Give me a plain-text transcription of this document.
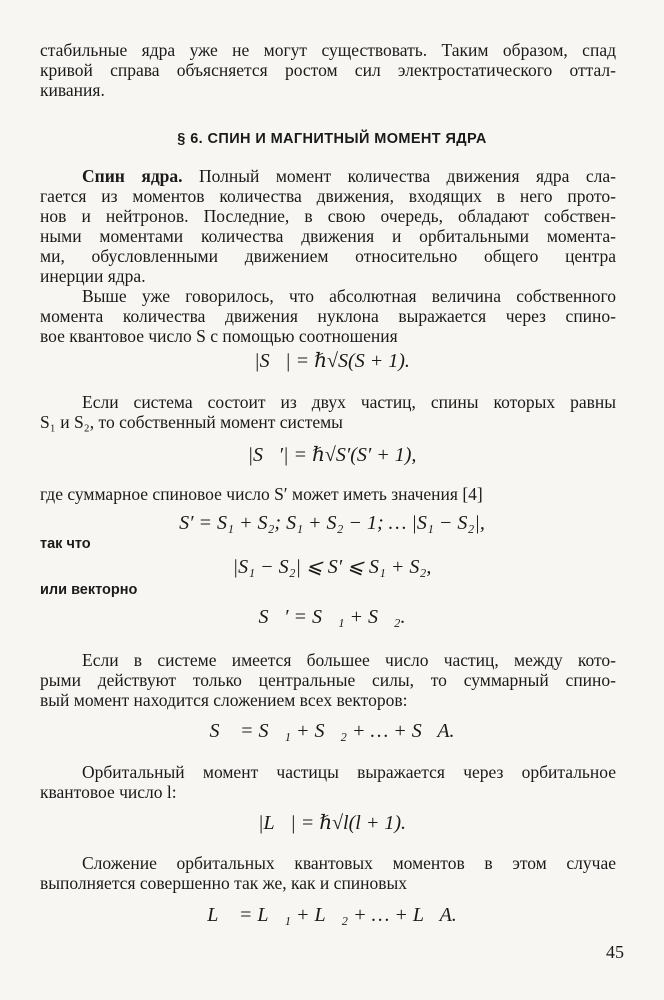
стабильные ядра уже не могут существовать. Таким образом, спад
кривой справа объясняется ростом сил электростатического оттал-
кивания.
§ 6. СПИН И МАГНИТНЫЙ МОМЕНТ ЯДРА
Спин ядра. Полный момент количества движения ядра сла-
гается из моментов количества движения, входящих в него прото-
нов и нейтронов. Последние, в свою очередь, обладают собствен-
ными моментами количества движения и орбитальными момента-
ми, обусловленными движением относительно общего центра
инерции ядра.
Выше уже говорилось, что абсолютная величина собственного
момента количества движения нуклона выражается через спино-
вое квантовое число S с помощью соотношения
|S⃗| = ℏ√S(S + 1).
Если система состоит из двух частиц, спины которых равны
S₁ и S₂, то собственный момент системы
|S⃗′| = ℏ√S′(S′ + 1),
где суммарное спиновое число S′ может иметь значения [4]
S′ = S₁ + S₂; S₁ + S₂ − 1; … |S₁ − S₂|,
так что
|S₁ − S₂| ⩽ S′ ⩽ S₁ + S₂,
или векторно
S⃗′ = S⃗₁ + S⃗₂.
Если в системе имеется большее число частиц, между кото-
рыми действуют только центральные силы, то суммарный спино-
вый момент находится сложением всех векторов:
S⃗ = S⃗₁ + S⃗₂ + … + S⃗A.
Орбитальный момент частицы выражается через орбитальное
квантовое число l:
|L⃗| = ℏ√l(l + 1).
Сложение орбитальных квантовых моментов в этом случае
выполняется совершенно так же, как и спиновых
L⃗ = L⃗₁ + L⃗₂ + … + L⃗A.
45
